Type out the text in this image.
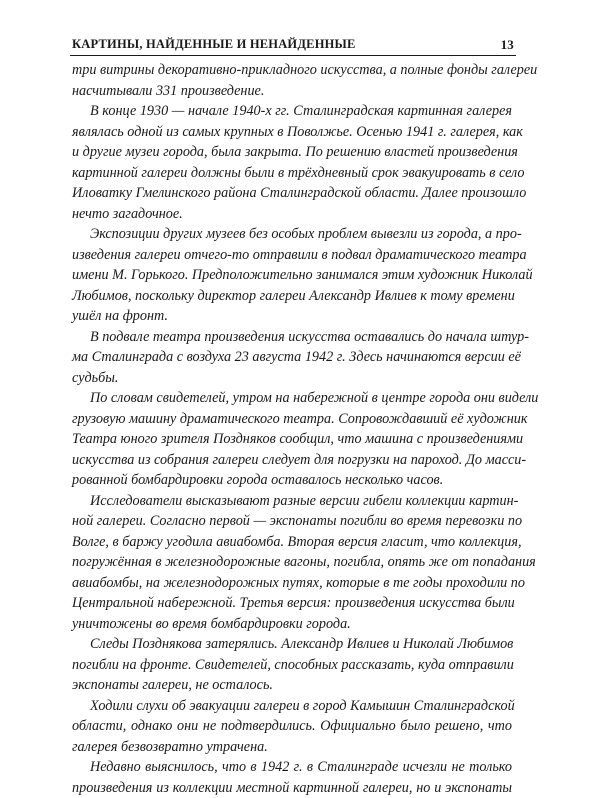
КАРТИНЫ, НАЙДЕННЫЕ И НЕНАЙДЕННЫЕ	13
три витрины декоративно-прикладного искусства, а полные фонды галереи
насчитывали 331 произведение.
В конце 1930 — начале 1940-х гг. Сталинградская картинная галерея
являлась одной из самых крупных в Поволжье. Осенью 1941 г. галерея, как
и другие музеи города, была закрыта. По решению властей произведения
картинной галереи должны были в трёхдневный срок эвакуировать в село
Иловатку Гмелинского района Сталинградской области. Далее произошло
нечто загадочное.
Экспозиции других музеев без особых проблем вывезли из города, а про-
изведения галереи отчего-то отправили в подвал драматического театра
имени М. Горького. Предположительно занимался этим художник Николай
Любимов, поскольку директор галереи Александр Ивлиев к тому времени
ушёл на фронт.
В подвале театра произведения искусства оставались до начала штур-
ма Сталинграда с воздуха 23 августа 1942 г. Здесь начинаются версии её
судьбы.
По словам свидетелей, утром на набережной в центре города они видели
грузовую машину драматического театра. Сопровождавший её художник
Театра юного зрителя Поздняков сообщил, что машина с произведениями
искусства из собрания галереи следует для погрузки на пароход. До масси-
рованной бомбардировки города оставалось несколько часов.
Исследователи высказывают разные версии гибели коллекции картин-
ной галереи. Согласно первой — экспонаты погибли во время перевозки по
Волге, в баржу угодила авиабомба. Вторая версия гласит, что коллекция,
погружённая в железнодорожные вагоны, погибла, опять же от попадания
авиабомбы, на железнодорожных путях, которые в те годы проходили по
Центральной набережной. Третья версия: произведения искусства были
уничтожены во время бомбардировки города.
Следы Позднякова затерялись. Александр Ивлиев и Николай Любимов
погибли на фронте. Свидетелей, способных рассказать, куда отправили
экспонаты галереи, не осталось.
Ходили слухи об эвакуации галереи в город Камышин Сталинградской
области, однако они не подтвердились. Официально было решено, что
галерея безвозвратно утрачена.
Недавно выяснилось, что в 1942 г. в Сталинграде исчезли не только
произведения из коллекции местной картинной галереи, но и экспонаты
